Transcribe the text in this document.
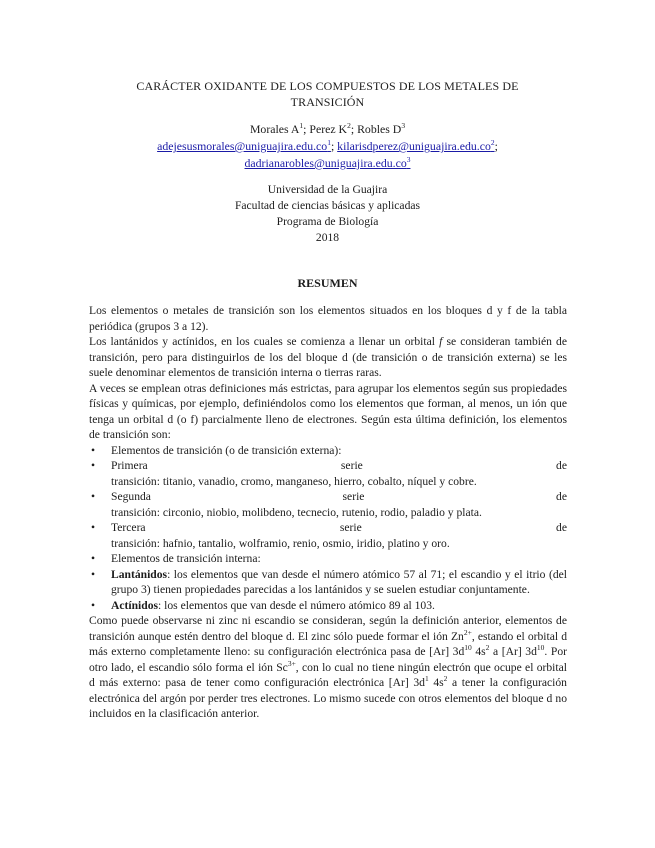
CARÁCTER OXIDANTE DE LOS COMPUESTOS DE LOS METALES DE TRANSICIÓN
Morales $A^1$; Perez $K^2$; Robles $D^3$
$adejesusmorales@uniguajira.edu.co^1$; $kilarisdperez@uniguajira.edu.co^2$;
$dadrianarobles@uniguajira.edu.co^3$
Universidad de la Guajira
Facultad de ciencias básicas y aplicadas
Programa de Biología
2018
RESUMEN

Los elementos o metales de transición son los elementos situados en los bloques d y f de la tabla periódica (grupos 3 a 12).

Los lantánidos y actínidos, en los cuales se comienza a llenar un orbital f se consideran también de transición, pero para distinguirlos de los del bloque d (de transición o de transición externa) se les suele denominar elementos de transición interna o tierras raras.

A veces se emplean otras definiciones más estrictas, para agrupar los elementos según sus propiedades físicas y químicas, por ejemplo, definiéndolos como los elementos que forman, al menos, un ión que tenga un orbital d (o f) parcialmente lleno de electrones. Según esta última definición, los elementos de transición son:

• Elementos de transición (o de transición externa):
• Primera	serie	de
transición: titanio, vanadio, cromo, manganeso, hierro, cobalto, níquel y cobre.
• Segunda	serie	de
transición: circonio, niobio, molibdeno, tecnecio, rutenio, rodio, paladio y plata.
• Tercera	serie	de
transición: hafnio, tantalio, wolframio, renio, osmio, iridio, platino y oro.
• Elementos de transición interna:
• Lantánidos: los elementos que van desde el número atómico 57 al 71; el escandio y el itrio (del grupo 3) tienen propiedades parecidas a los lantánidos y se suelen estudiar conjuntamente.
• Actínidos: los elementos que van desde el número atómico 89 al 103.

Como puede observarse ni zinc ni escandio se consideran, según la definición anterior, elementos de transición aunque estén dentro del bloque d. El zinc sólo puede formar el ión $Zn^{2+}$, estando el orbital d más externo completamente lleno: su configuración electrónica pasa de [Ar] $3d^{10}$ $4s^2$ a [Ar] $3d^{10}$. Por otro lado, el escandio sólo forma el ión $Sc^{3+}$, con lo cual no tiene ningún electrón que ocupe el orbital d más externo: pasa de tener como configuración electrónica [Ar] $3d^1$ $4s^2$ a tener la configuración electrónica del argón por perder tres electrones. Lo mismo sucede con otros elementos del bloque d no incluidos en la clasificación anterior.
